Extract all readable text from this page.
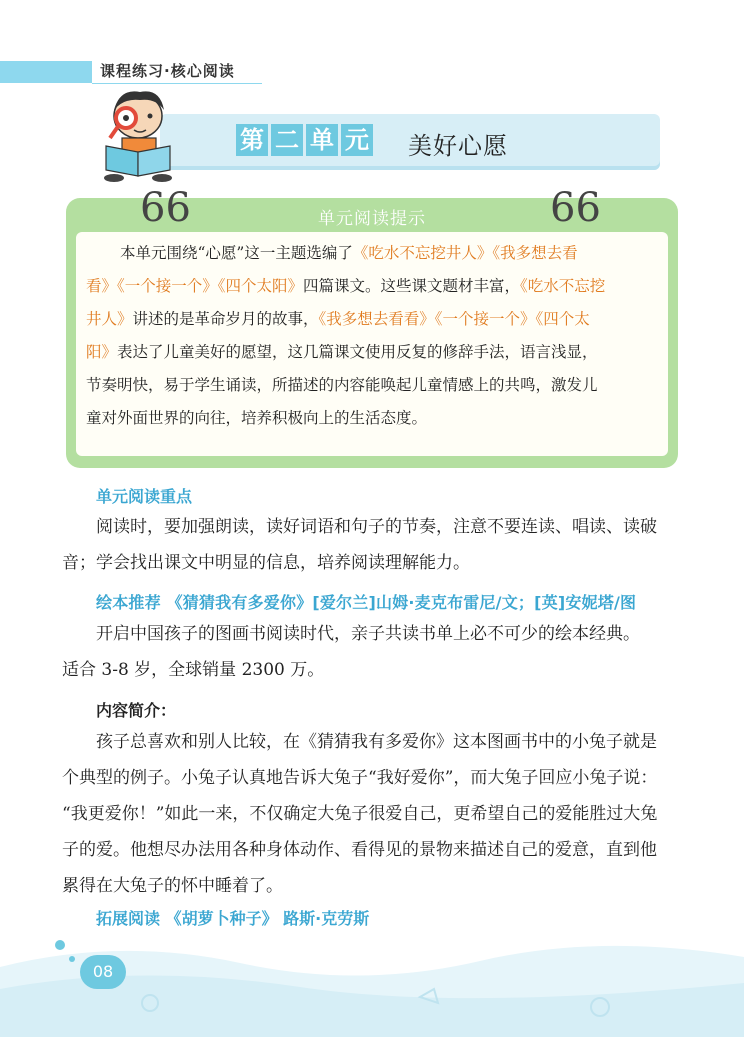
课程练习·核心阅读
第 二 单 元 美好心愿
单元阅读提示
66	66
本单元围绕“心愿”这一主题选编了《吃水不忘挖井人》《我多想去看
看》《一个接一个》《四个太阳》四篇课文。这些课文题材丰富，《吃水不忘挖
井人》讲述的是革命岁月的故事，《我多想去看看》《一个接一个》《四个太
阳》表达了儿童美好的愿望，这几篇课文使用反复的修辞手法，语言浅显，
节奏明快，易于学生诵读，所描述的内容能唤起儿童情感上的共鸣，激发儿
童对外面世界的向往，培养积极向上的生活态度。
单元阅读重点
阅读时，要加强朗读，读好词语和句子的节奏，注意不要连读、唱读、读破
音；学会找出课文中明显的信息，培养阅读理解能力。
绘本推荐 《猜猜我有多爱你》[爱尔兰]山姆·麦克布雷尼/文；[英]安妮塔/图
开启中国孩子的图画书阅读时代，亲子共读书单上必不可少的绘本经典。
适合 3-8 岁，全球销量 2300 万。
内容简介：
孩子总喜欢和别人比较，在《猜猜我有多爱你》这本图画书中的小兔子就是
个典型的例子。小兔子认真地告诉大兔子“我好爱你”，而大兔子回应小兔子说：
“我更爱你！”如此一来，不仅确定大兔子很爱自己，更希望自己的爱能胜过大兔
子的爱。他想尽办法用各种身体动作、看得见的景物来描述自己的爱意，直到他
累得在大兔子的怀中睡着了。
拓展阅读 《胡萝卜种子》 路斯·克劳斯
08
